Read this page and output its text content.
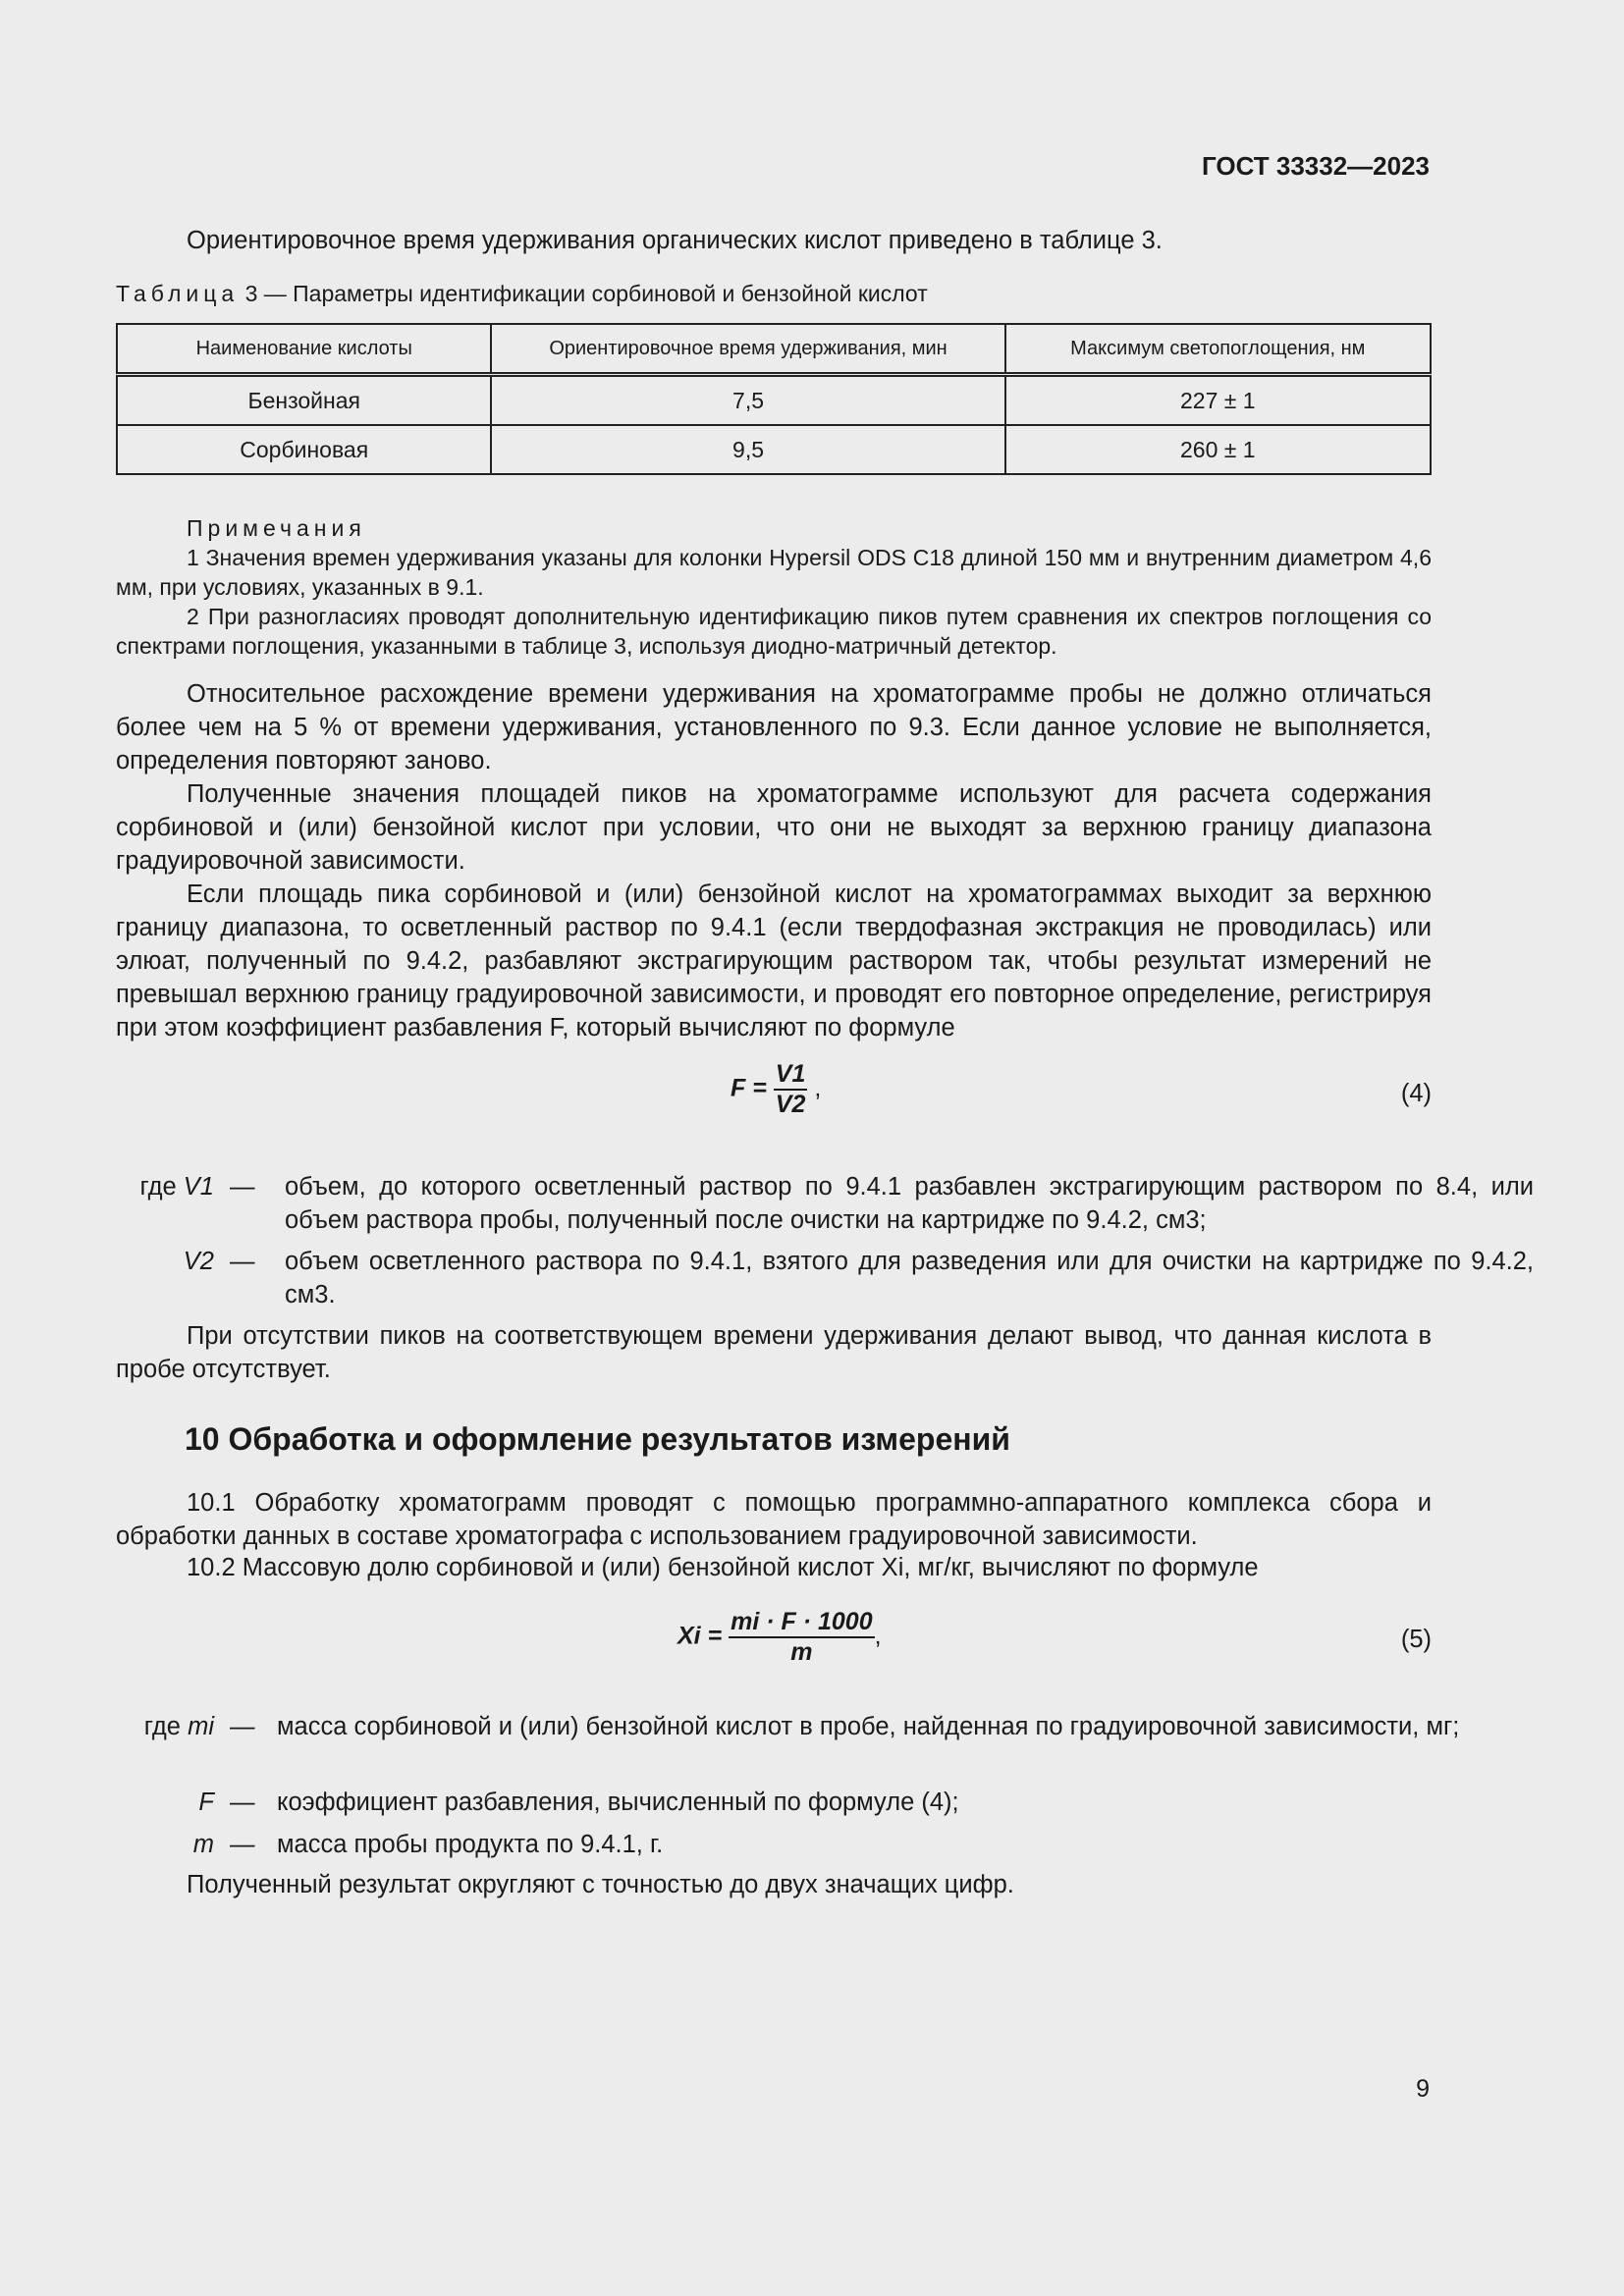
ГОСТ 33332—2023

Ориентировочное время удерживания органических кислот приведено в таблице 3.

Таблица 3 — Параметры идентификации сорбиновой и бензойной кислот
Наименование кислоты	Ориентировочное время удерживания, мин	Максимум светопоглощения, нм
Бензойная	7,5	227 ± 1
Сорбиновая	9,5	260 ± 1

Примечания

1 Значения времен удерживания указаны для колонки Hypersil ODS C18 длиной 150 мм и внутренним диаметром 4,6 мм, при условиях, указанных в 9.1.

2 При разногласиях проводят дополнительную идентификацию пиков путем сравнения их спектров поглощения со спектрами поглощения, указанными в таблице 3, используя диодно-матричный детектор.

Относительное расхождение времени удерживания на хроматограмме пробы не должно отличаться более чем на 5 % от времени удерживания, установленного по 9.3. Если данное условие не выполняется, определения повторяют заново.

Полученные значения площадей пиков на хроматограмме используют для расчета содержания сорбиновой и (или) бензойной кислот при условии, что они не выходят за верхнюю границу диапазона градуировочной зависимости.

Если площадь пика сорбиновой и (или) бензойной кислот на хроматограммах выходит за верхнюю границу диапазона, то осветленный раствор по 9.4.1 (если твердофазная экстракция не проводилась) или элюат, полученный по 9.4.2, разбавляют экстрагирующим раствором так, чтобы результат измерений не превышал верхнюю границу градуировочной зависимости, и проводят его повторное определение, регистрируя при этом коэффициент разбавления F, который вычисляют по формуле

$F = \frac{V1}{V2}$ ,	(4)
где V1 — объем, до которого осветленный раствор по 9.4.1 разбавлен экстрагирующим раствором по 8.4, или объем раствора пробы, полученный после очистки на картридже по 9.4.2, см3;
V2 — объем осветленного раствора по 9.4.1, взятого для разведения или для очистки на картридже по 9.4.2, см3.

При отсутствии пиков на соответствующем времени удерживания делают вывод, что данная кислота в пробе отсутствует.

10 Обработка и оформление результатов измерений

10.1 Обработку хроматограмм проводят с помощью программно-аппаратного комплекса сбора и обработки данных в составе хроматографа с использованием градуировочной зависимости.

10.2 Массовую долю сорбиновой и (или) бензойной кислот Xi, мг/кг, вычисляют по формуле

$Xi = \frac{mi \cdot F \cdot 1000}{m}$ ,	(5)
где mi — масса сорбиновой и (или) бензойной кислот в пробе, найденная по градуировочной зависимости, мг;
F — коэффициент разбавления, вычисленный по формуле (4);
m — масса пробы продукта по 9.4.1, г.

Полученный результат округляют с точностью до двух значащих цифр.

9
